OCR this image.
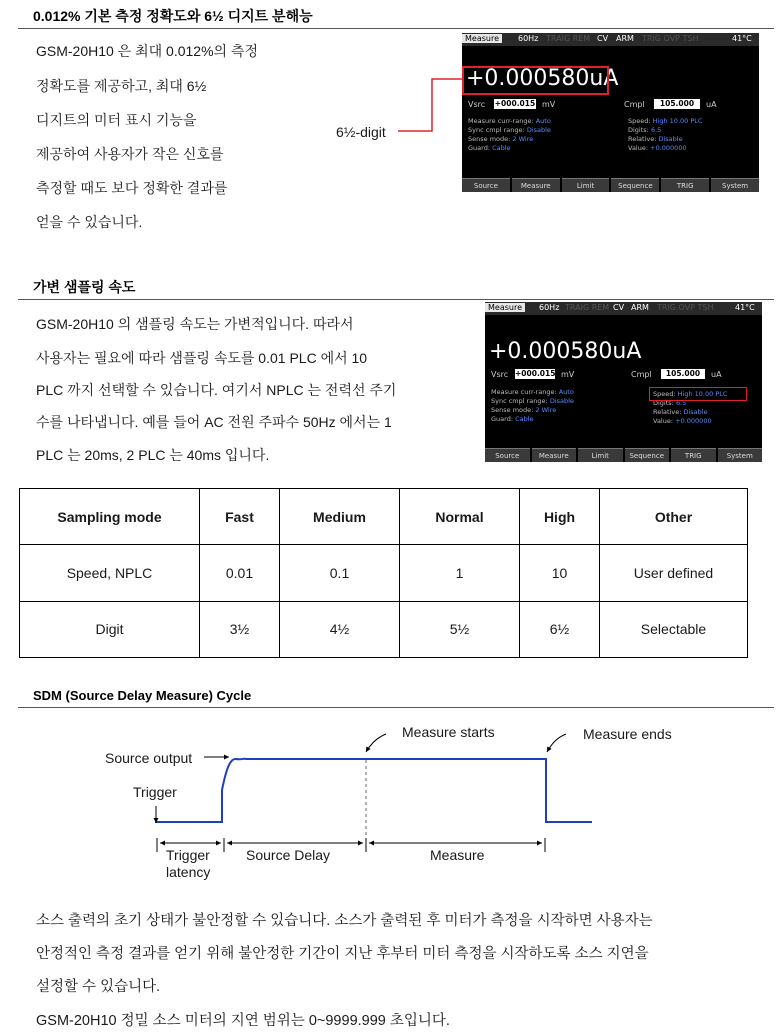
0.012% 기본 측정 정확도와 6½ 디지트 분해능
GSM-20H10 은 최대 0.012%의 측정
정확도를 제공하고, 최대 6½
디지트의 미터 표시 기능을
제공하여 사용자가 작은 신호를
측정할 때도 보다 정확한 결과를
얻을 수 있습니다.
6½-digit
Measure	60Hz TRAIG REM CV ARM TRIG OVP TSH	41°C
+0.000580uA
Vsrc +000.015 mV	Cmpl	105.000	uA
Measure curr-range: Auto
Sync cmpl range: Disable
Sense mode: 2 Wire
Guard: Cable
Speed: High 10.00 PLC
Digits: 6.5
Relative: Disable
Value: +0.000000
Source	Measure	Limit	Sequence	TRIG	System
가변 샘플링 속도
GSM-20H10 의 샘플링 속도는 가변적입니다. 따라서
사용자는 필요에 따라 샘플링 속도를 0.01 PLC 에서 10
PLC 까지 선택할 수 있습니다. 여기서 NPLC 는 전력선 주기
수를 나타냅니다. 예를 들어 AC 전원 주파수 50Hz 에서는 1
PLC 는 20ms, 2 PLC 는 40ms 입니다.
Measure	60Hz TRAIG REM CV ARM TRIG OVP TSH	41°C
+0.000580uA
Vsrc +000.015 mV	Cmpl	105.000	uA
Measure curr-range: Auto
Sync cmpl range: Disable
Sense mode: 2 Wire
Guard: Cable
Speed: High 10.00 PLC
Digits: 6.5
Relative: Disable
Value: +0.000000
Source	Measure	Limit	Sequence	TRIG	System
Sampling mode	Fast	Medium	Normal	High	Other
Speed, NPLC	0.01	0.1	1	10	User defined
Digit	3½	4½	5½	6½	Selectable
SDM (Source Delay Measure) Cycle
Source output
Trigger
Measure starts	Measure ends
Trigger
latency
Source Delay	Measure
소스 출력의 초기 상태가 불안정할 수 있습니다. 소스가 출력된 후 미터가 측정을 시작하면 사용자는
안정적인 측정 결과를 얻기 위해 불안정한 기간이 지난 후부터 미터 측정을 시작하도록 소스 지연을
설정할 수 있습니다.
GSM-20H10 정밀 소스 미터의 지연 범위는 0~9999.999 초입니다.
